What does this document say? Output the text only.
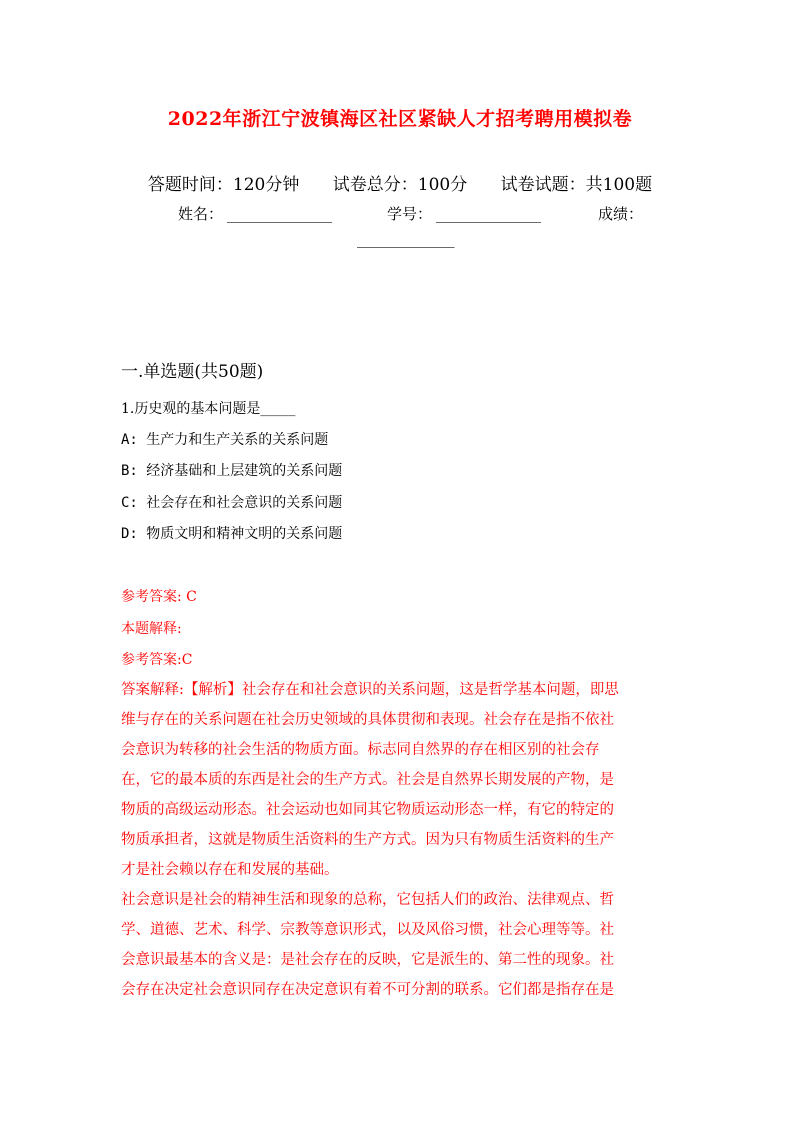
2022年浙江宁波镇海区社区紧缺人才招考聘用模拟卷
答题时间：120分钟 试卷总分：100分 试卷试题：共100题
姓名： ______________	学号： ______________	成绩：
_____________
一.单选题(共50题)
1.历史观的基本问题是_____
A: 生产力和生产关系的关系问题
B: 经济基础和上层建筑的关系问题
C: 社会存在和社会意识的关系问题
D: 物质文明和精神文明的关系问题
参考答案: C
本题解释:
参考答案:C
答案解释:【解析】社会存在和社会意识的关系问题，这是哲学基本问题，即思
维与存在的关系问题在社会历史领域的具体贯彻和表现。社会存在是指不依社
会意识为转移的社会生活的物质方面。标志同自然界的存在相区别的社会存
在，它的最本质的东西是社会的生产方式。社会是自然界长期发展的产物，是
物质的高级运动形态。社会运动也如同其它物质运动形态一样，有它的特定的
物质承担者，这就是物质生活资料的生产方式。因为只有物质生活资料的生产
才是社会赖以存在和发展的基础。
社会意识是社会的精神生活和现象的总称，它包括人们的政治、法律观点、哲
学、道德、艺术、科学、宗教等意识形式，以及风俗习惯，社会心理等等。社
会意识最基本的含义是：是社会存在的反映，它是派生的、第二性的现象。社
会存在决定社会意识同存在决定意识有着不可分割的联系。它们都是指存在是
